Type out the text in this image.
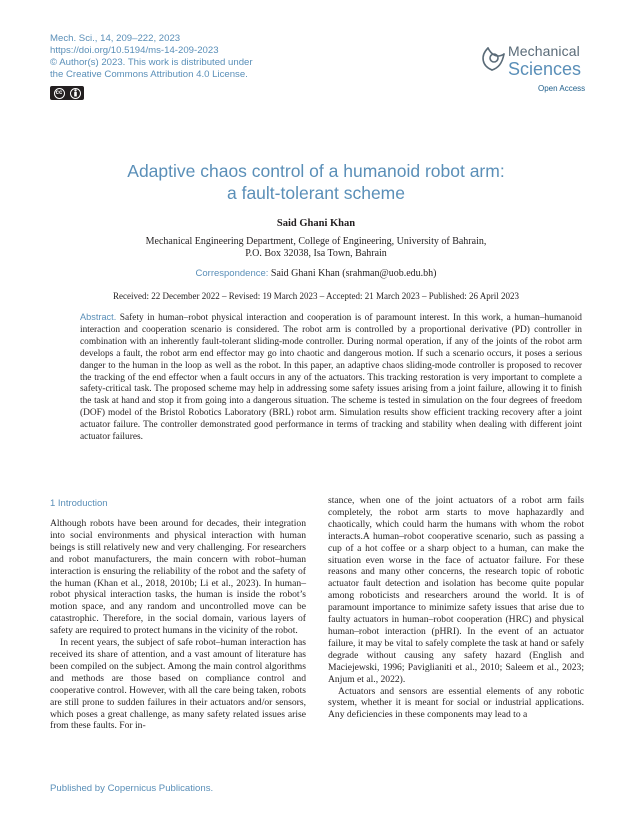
Mech. Sci., 14, 209–222, 2023
https://doi.org/10.5194/ms-14-209-2023
© Author(s) 2023. This work is distributed under
the Creative Commons Attribution 4.0 License.
cc
Mechanical
Sciences
Open Access
Adaptive chaos control of a humanoid robot arm:
a fault-tolerant scheme
Said Ghani Khan
Mechanical Engineering Department, College of Engineering, University of Bahrain,
P.O. Box 32038, Isa Town, Bahrain
Correspondence: Said Ghani Khan (srahman@uob.edu.bh)
Received: 22 December 2022 – Revised: 19 March 2023 – Accepted: 21 March 2023 – Published: 26 April 2023
Abstract. Safety in human–robot physical interaction and cooperation is of paramount interest. In this work, a human–humanoid interaction and cooperation scenario is considered. The robot arm is controlled by a proportional derivative (PD) controller in combination with an inherently fault-tolerant sliding-mode controller. During normal operation, if any of the joints of the robot arm develops a fault, the robot arm end effector may go into chaotic and dangerous motion. If such a scenario occurs, it poses a serious danger to the human in the loop as well as the robot. In this paper, an adaptive chaos sliding-mode controller is proposed to recover the tracking of the end effector when a fault occurs in any of the actuators. This tracking restoration is very important to complete a safety-critical task. The proposed scheme may help in addressing some safety issues arising from a joint failure, allowing it to finish the task at hand and stop it from going into a dangerous situation. The scheme is tested in simulation on the four degrees of freedom (DOF) model of the Bristol Robotics Laboratory (BRL) robot arm. Simulation results show efficient tracking recovery after a joint actuator failure. The controller demonstrated good performance in terms of tracking and stability when dealing with different joint actuator failures.
1 Introduction

Although robots have been around for decades, their integration into social environments and physical interaction with human beings is still relatively new and very challenging. For researchers and robot manufacturers, the main concern with robot–human interaction is ensuring the reliability of the robot and the safety of the human (Khan et al., 2018, 2010b; Li et al., 2023). In human–robot physical interaction tasks, the human is inside the robot’s motion space, and any random and uncontrolled move can be catastrophic. Therefore, in the social domain, various layers of safety are required to protect humans in the vicinity of the robot.

In recent years, the subject of safe robot–human interaction has received its share of attention, and a vast amount of literature has been compiled on the subject. Among the main control algorithms and methods are those based on compliance control and cooperative control. However, with all the care being taken, robots are still prone to sudden failures in their actuators and/or sensors, which poses a great challenge, as many safety related issues arise from these faults. For in-

stance, when one of the joint actuators of a robot arm fails completely, the robot arm starts to move haphazardly and chaotically, which could harm the humans with whom the robot interacts.A human–robot cooperative scenario, such as passing a cup of a hot coffee or a sharp object to a human, can make the situation even worse in the face of actuator failure. For these reasons and many other concerns, the research topic of robotic actuator fault detection and isolation has become quite popular among roboticists and researchers around the world. It is of paramount importance to minimize safety issues that arise due to faulty actuators in human–robot cooperation (HRC) and physical human–robot interaction (pHRI). In the event of an actuator failure, it may be vital to safely complete the task at hand or safely degrade without causing any safety hazard (English and Maciejewski, 1996; Paviglianiti et al., 2010; Saleem et al., 2023; Anjum et al., 2022).

Actuators and sensors are essential elements of any robotic system, whether it is meant for social or industrial applications. Any deficiencies in these components may lead to a

Published by Copernicus Publications.
